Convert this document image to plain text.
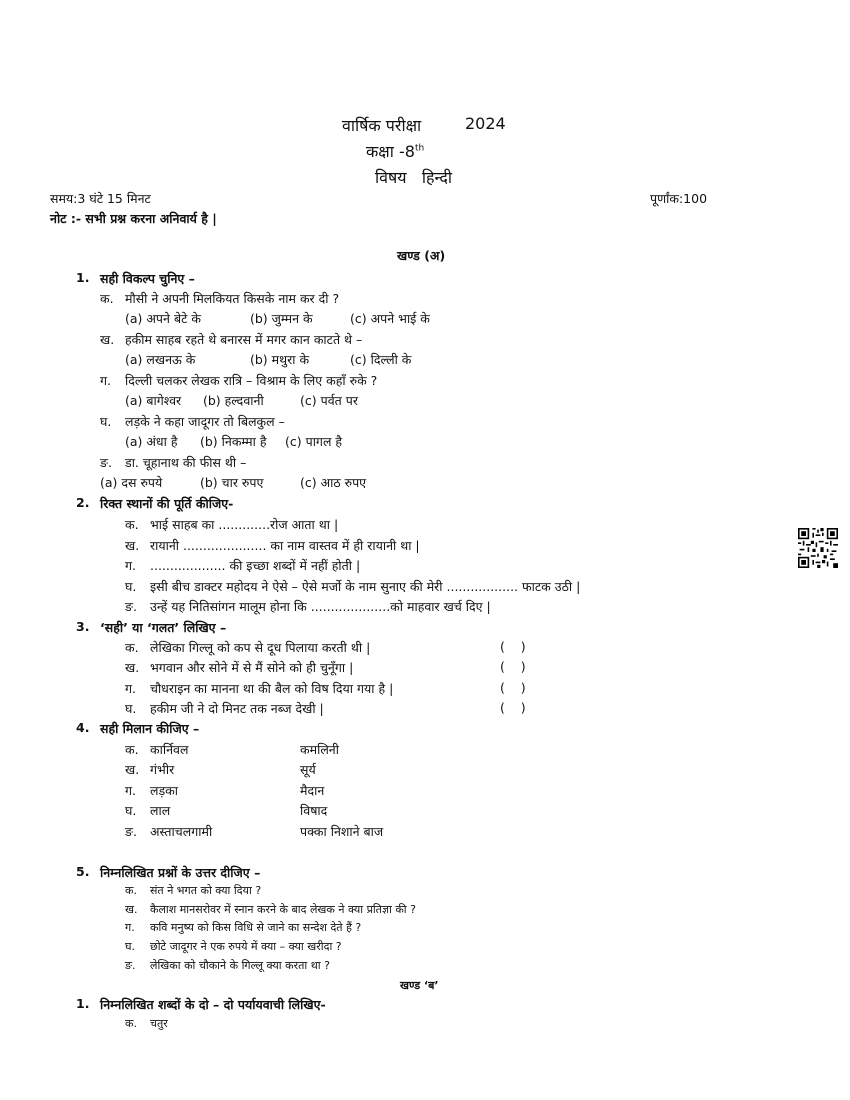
वार्षिक परीक्षा	2024
कक्षा -8th
विषय   हिन्दी
समय:3 घंटे 15 मिनट	पूर्णांक:100
नोट :- सभी प्रश्न करना अनिवार्य है |
खण्ड (अ)
1. सही विकल्प चुनिए –
क. मौसी ने अपनी मिलकियत किसके नाम कर दी ?
(a) अपने बेटे के	(b) जुम्मन के	(c) अपने भाई के
ख. हकीम साहब रहते थे बनारस में मगर कान काटते थे –
(a) लखनऊ के	(b) मथुरा के	(c) दिल्ली के
ग. दिल्ली चलकर लेखक रात्रि – विश्राम के लिए कहाँ रुके ?
(a) बागेश्वर (b) हल्दवानी	(c) पर्वत पर
घ. लड़के ने कहा जादूगर तो बिलकुल –
(a) अंधा है (b) निकम्मा है (c) पागल है
ङ. डा. चूहानाथ की फीस थी –
(a) दस रुपये	(b) चार रुपए	(c) आठ रुपए
2. रिक्त स्थानों की पूर्ति कीजिए-
क. भाई साहब का .............रोज आता था |
ख. रायानी ..................... का नाम वास्तव में ही रायानी था |
ग. ................... की इच्छा शब्दों में नहीं होती |
घ. इसी बीच डाक्टर महोदय ने ऐसे – ऐसे मर्जो के नाम सुनाए की मेरी .................. फाटक उठी |
ङ. उन्हें यह नितिसांगन मालूम होना कि ....................को माहवार खर्च दिए |
3. ‘सही’ या ‘गलत’ लिखिए –
क. लेखिका गिल्लू को कप से दूध पिलाया करती थी |	(    )
ख. भगवान और सोने में से मैं सोने को ही चुनूँगा |	(    )
ग. चौधराइन का मानना था की बैल को विष दिया गया है |	(    )
घ. हकीम जी ने दो मिनट तक नब्ज देखी |	(    )
4. सही मिलान कीजिए –
क. कार्निवल	कमलिनी
ख. गंभीर	सूर्य
ग. लड़का	मैदान
घ. लाल	विषाद
ङ. अस्ताचलगामी	पक्का निशाने बाज
5. निम्नलिखित प्रश्नों के उत्तर दीजिए –
क. संत ने भगत को क्या दिया ?
ख. कैलाश मानसरोवर में स्नान करने के बाद लेखक ने क्या प्रतिज्ञा की ?
ग. कवि मनुष्य को किस विधि से जाने का सन्देश देते हैं ?
घ. छोटे जादूगर ने एक रुपये में क्या – क्या खरीदा ?
ङ. लेखिका को चौकाने के गिल्लू क्या करता था ?
खण्ड ‘ब’
1. निम्नलिखित शब्दों के दो – दो पर्यायवाची लिखिए-
क. चतुर
